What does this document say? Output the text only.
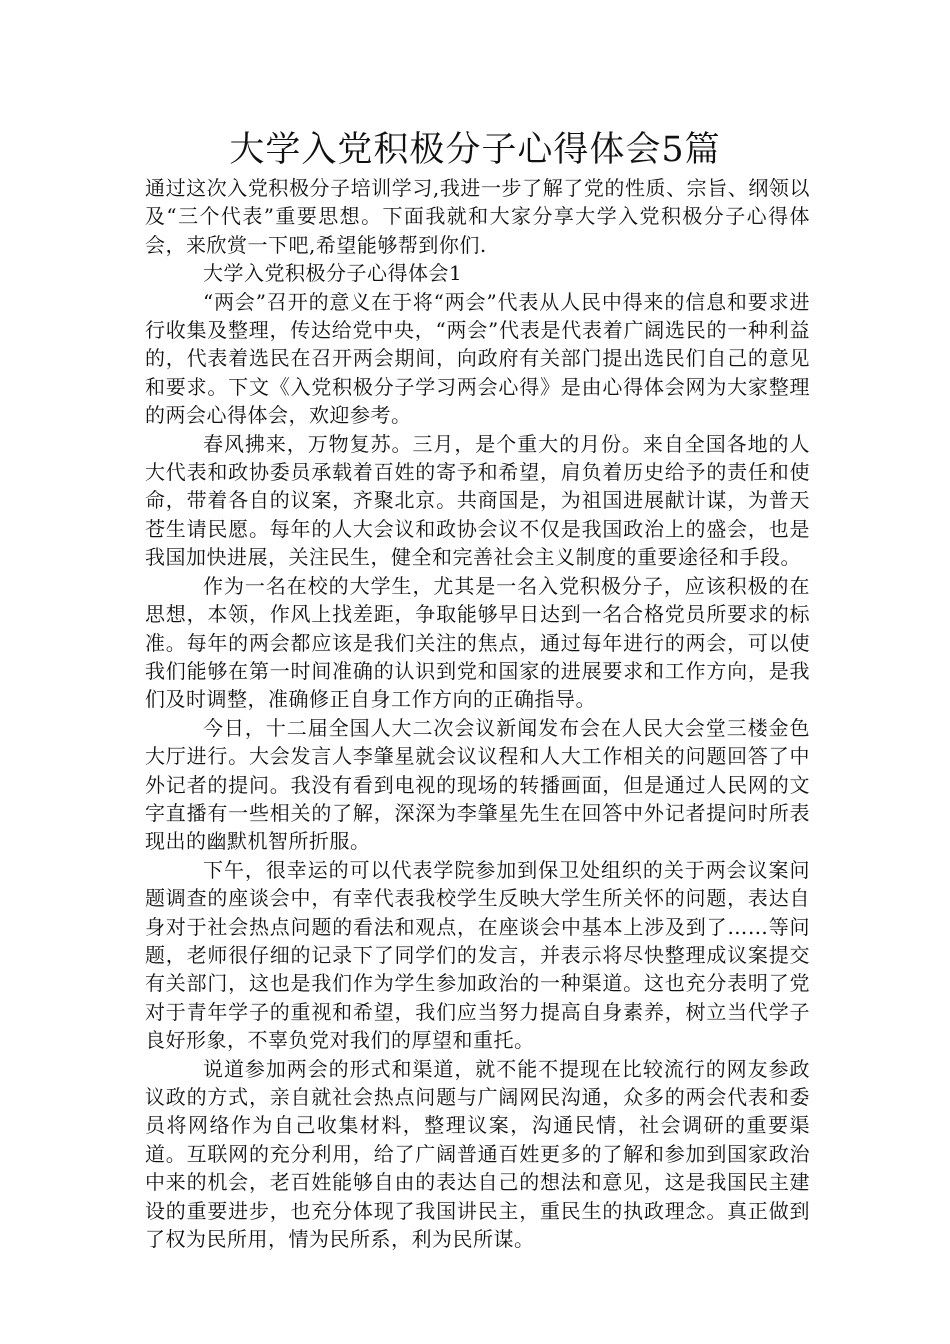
大学入党积极分子心得体会5篇

通过这次入党积极分子培训学习,我进一步了解了党的性质、宗旨、纲领以及“三个代表”重要思想。下面我就和大家分享大学入党积极分子心得体会，来欣赏一下吧,希望能够帮到你们.

大学入党积极分子心得体会1

“两会”召开的意义在于将“两会”代表从人民中得来的信息和要求进行收集及整理，传达给党中央，“两会”代表是代表着广阔选民的一种利益的，代表着选民在召开两会期间，向政府有关部门提出选民们自己的意见和要求。下文《入党积极分子学习两会心得》是由心得体会网为大家整理的两会心得体会，欢迎参考。

春风拂来，万物复苏。三月，是个重大的月份。来自全国各地的人大代表和政协委员承载着百姓的寄予和希望，肩负着历史给予的责任和使命，带着各自的议案，齐聚北京。共商国是，为祖国进展献计谋，为普天苍生请民愿。每年的人大会议和政协会议不仅是我国政治上的盛会，也是我国加快进展，关注民生，健全和完善社会主义制度的重要途径和手段。

作为一名在校的大学生，尤其是一名入党积极分子，应该积极的在思想，本领，作风上找差距，争取能够早日达到一名合格党员所要求的标准。每年的两会都应该是我们关注的焦点，通过每年进行的两会，可以使我们能够在第一时间准确的认识到党和国家的进展要求和工作方向，是我们及时调整，准确修正自身工作方向的正确指导。

今日，十二届全国人大二次会议新闻发布会在人民大会堂三楼金色大厅进行。大会发言人李肇星就会议议程和人大工作相关的问题回答了中外记者的提问。我没有看到电视的现场的转播画面，但是通过人民网的文字直播有一些相关的了解，深深为李肇星先生在回答中外记者提问时所表现出的幽默机智所折服。

下午，很幸运的可以代表学院参加到保卫处组织的关于两会议案问题调查的座谈会中，有幸代表我校学生反映大学生所关怀的问题，表达自身对于社会热点问题的看法和观点，在座谈会中基本上涉及到了……等问题，老师很仔细的记录下了同学们的发言，并表示将尽快整理成议案提交有关部门，这也是我们作为学生参加政治的一种渠道。这也充分表明了党对于青年学子的重视和希望，我们应当努力提高自身素养，树立当代学子良好形象，不辜负党对我们的厚望和重托。

说道参加两会的形式和渠道，就不能不提现在比较流行的网友参政议政的方式，亲自就社会热点问题与广阔网民沟通，众多的两会代表和委员将网络作为自己收集材料，整理议案，沟通民情，社会调研的重要渠道。互联网的充分利用，给了广阔普通百姓更多的了解和参加到国家政治中来的机会，老百姓能够自由的表达自己的想法和意见，这是我国民主建设的重要进步，也充分体现了我国讲民主，重民生的执政理念。真正做到了权为民所用，情为民所系，利为民所谋。
